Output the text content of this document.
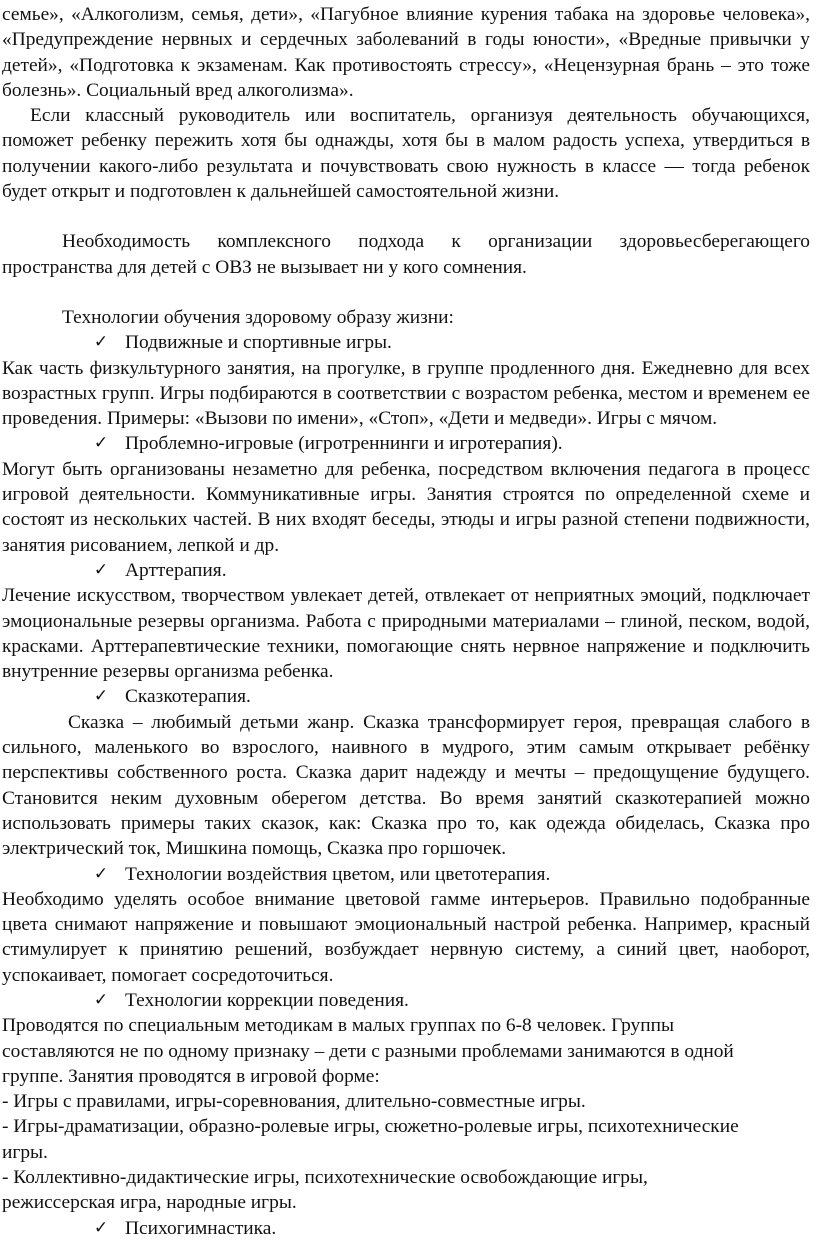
семье», «Алкоголизм, семья, дети», «Пагубное влияние курения табака на здоровье человека», «Предупреждение нервных и сердечных заболеваний в годы юности», «Вредные привычки у детей», «Подготовка к экзаменам. Как противостоять стрессу», «Нецензурная брань – это тоже болезнь». Социальный вред алкоголизма».

Если классный руководитель или воспитатель, организуя деятельность обучающихся, поможет ребенку пережить хотя бы однажды, хотя бы в малом радость успеха, утвердиться в получении какого-либо результата и почувствовать свою нужность в классе — тогда ребенок будет открыт и подготовлен к дальнейшей самостоятельной жизни.

Необходимость комплексного подхода к организации здоровьесберегающего пространства для детей с ОВЗ не вызывает ни у кого сомнения.

Технологии обучения здоровому образу жизни:

✓ Подвижные и спортивные игры.

Как часть физкультурного занятия, на прогулке, в группе продленного дня. Ежедневно для всех возрастных групп. Игры подбираются в соответствии с возрастом ребенка, местом и временем ее проведения. Примеры: «Вызови по имени», «Стоп», «Дети и медведи». Игры с мячом.

✓ Проблемно-игровые (игротреннинги и игротерапия).

Могут быть организованы незаметно для ребенка, посредством включения педагога в процесс игровой деятельности. Коммуникативные игры. Занятия строятся по определенной схеме и состоят из нескольких частей. В них входят беседы, этюды и игры разной степени подвижности, занятия рисованием, лепкой и др.

✓ Арттерапия.

Лечение искусством, творчеством увлекает детей, отвлекает от неприятных эмоций, подключает эмоциональные резервы организма. Работа с природными материалами – глиной, песком, водой, красками. Арттерапевтические техники, помогающие снять нервное напряжение и подключить внутренние резервы организма ребенка.

✓ Сказкотерапия.

Сказка – любимый детьми жанр. Сказка трансформирует героя, превращая слабого в сильного, маленького во взрослого, наивного в мудрого, этим самым открывает ребёнку перспективы собственного роста. Сказка дарит надежду и мечты – предощущение будущего. Становится неким духовным оберегом детства. Во время занятий сказкотерапией можно использовать примеры таких сказок, как: Сказка про то, как одежда обиделась, Сказка про электрический ток, Мишкина помощь, Сказка про горшочек.

✓ Технологии воздействия цветом, или цветотерапия.

Необходимо уделять особое внимание цветовой гамме интерьеров. Правильно подобранные цвета снимают напряжение и повышают эмоциональный настрой ребенка. Например, красный стимулирует к принятию решений, возбуждает нервную систему, а синий цвет, наоборот, успокаивает, помогает сосредоточиться.

✓ Технологии коррекции поведения.

Проводятся по специальным методикам в малых группах по 6-8 человек. Группы

составляются не по одному признаку – дети с разными проблемами занимаются в одной

группе. Занятия проводятся в игровой форме:

- Игры с правилами, игры-соревнования, длительно-совместные игры.

- Игры-драматизации, образно-ролевые игры, сюжетно-ролевые игры, психотехнические

игры.

- Коллективно-дидактические игры, психотехнические освобождающие игры,

режиссерская игра, народные игры.

✓ Психогимнастика.
